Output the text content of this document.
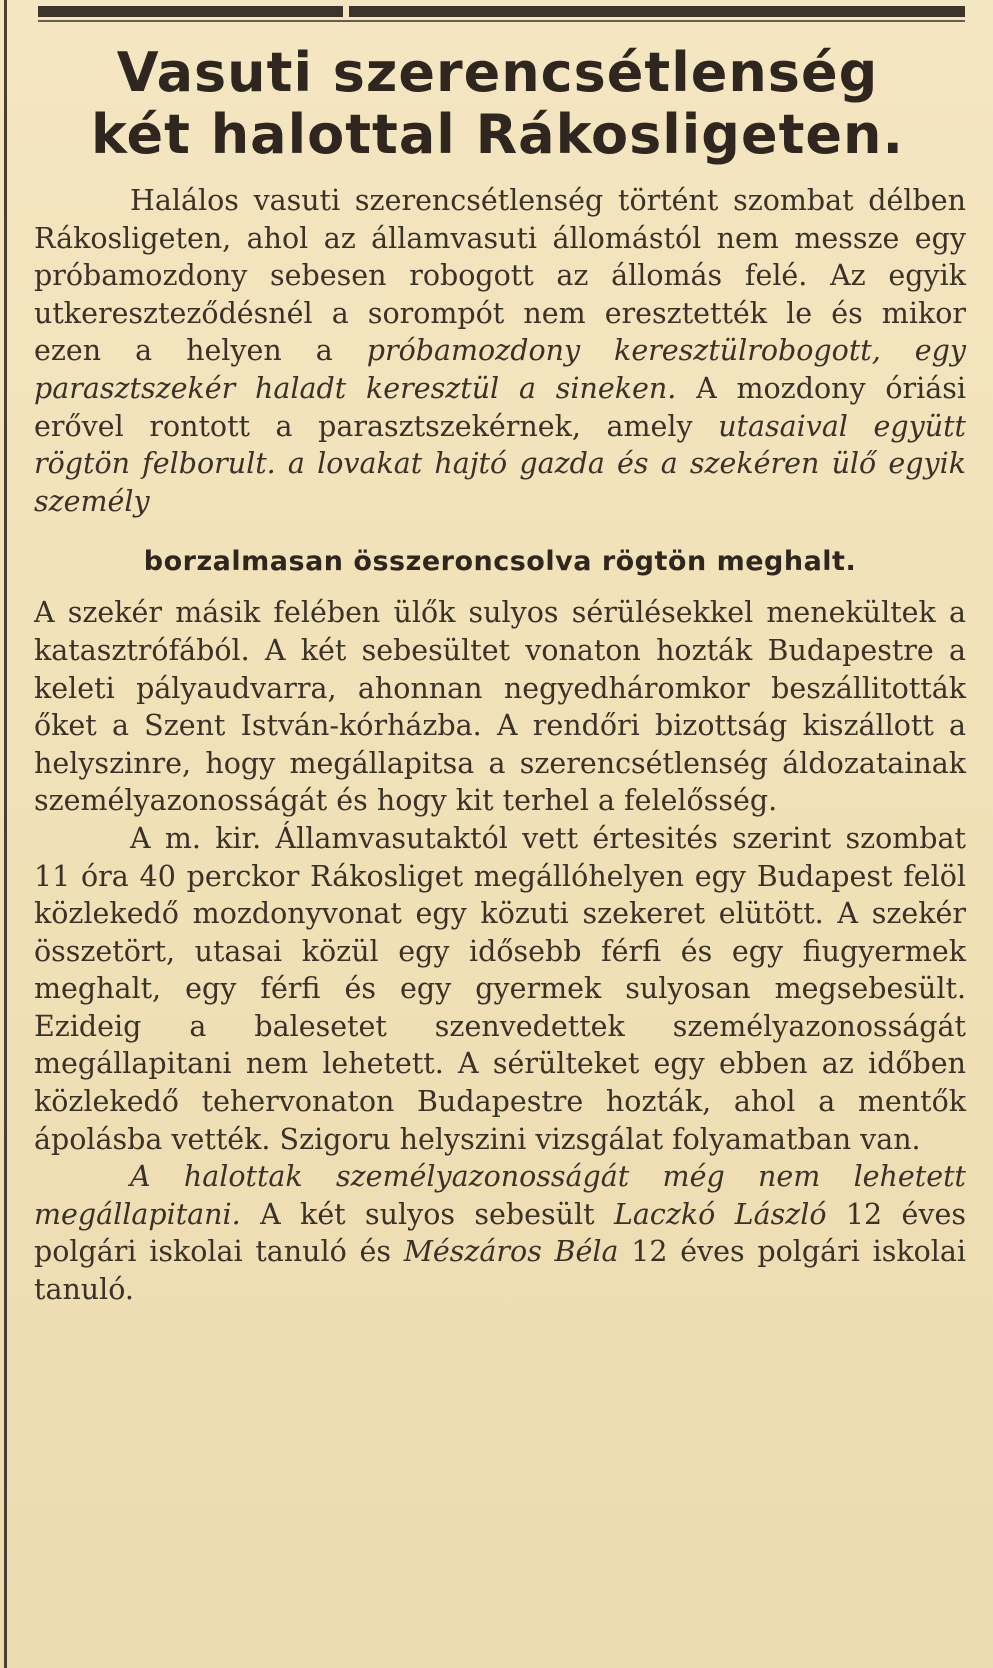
Vasuti szerencsétlenség
két halottal Rákosligeten.

Halálos vasuti szerencsétlenség történt szombat délben Rákosligeten, ahol az államvasuti állomástól nem messze egy próbamozdony sebesen robogott az állomás felé. Az egyik utkereszteződésnél a sorompót nem eresztették le és mikor ezen a helyen a próbamozdony keresztülrobogott, egy parasztszekér haladt keresztül a sineken. A mozdony óriási erővel rontott a parasztszekérnek, amely utasaival együtt rögtön felborult. a lovakat hajtó gazda és a szekéren ülő egyik személy

borzalmasan összeroncsolva rögtön meghalt.

A szekér másik felében ülők sulyos sérülésekkel menekültek a katasztrófából. A két sebesültet vonaton hozták Budapestre a keleti pályaudvarra, ahonnan negyedháromkor beszállitották őket a Szent István-kórházba. A rendőri bizottság kiszállott a helyszinre, hogy megállapitsa a szerencsétlenség áldozatainak személyazonosságát és hogy kit terhel a felelősség.

A m. kir. Államvasutaktól vett értesités szerint szombat 11 óra 40 perckor Rákosliget megállóhelyen egy Budapest felöl közlekedő mozdonyvonat egy közuti szekeret elütött. A szekér összetört, utasai közül egy idősebb férfi és egy fiugyermek meghalt, egy férfi és egy gyermek sulyosan megsebesült. Ezideig a balesetet szenvedettek személyazonosságát megállapitani nem lehetett. A sérülteket egy ebben az időben közlekedő tehervonaton Budapestre hozták, ahol a mentők ápolásba vették. Szigoru helyszini vizsgálat folyamatban van.

A halottak személyazonosságát még nem lehetett megállapitani. A két sulyos sebesült Laczkó László 12 éves polgári iskolai tanuló és Mészáros Béla 12 éves polgári iskolai tanuló.
